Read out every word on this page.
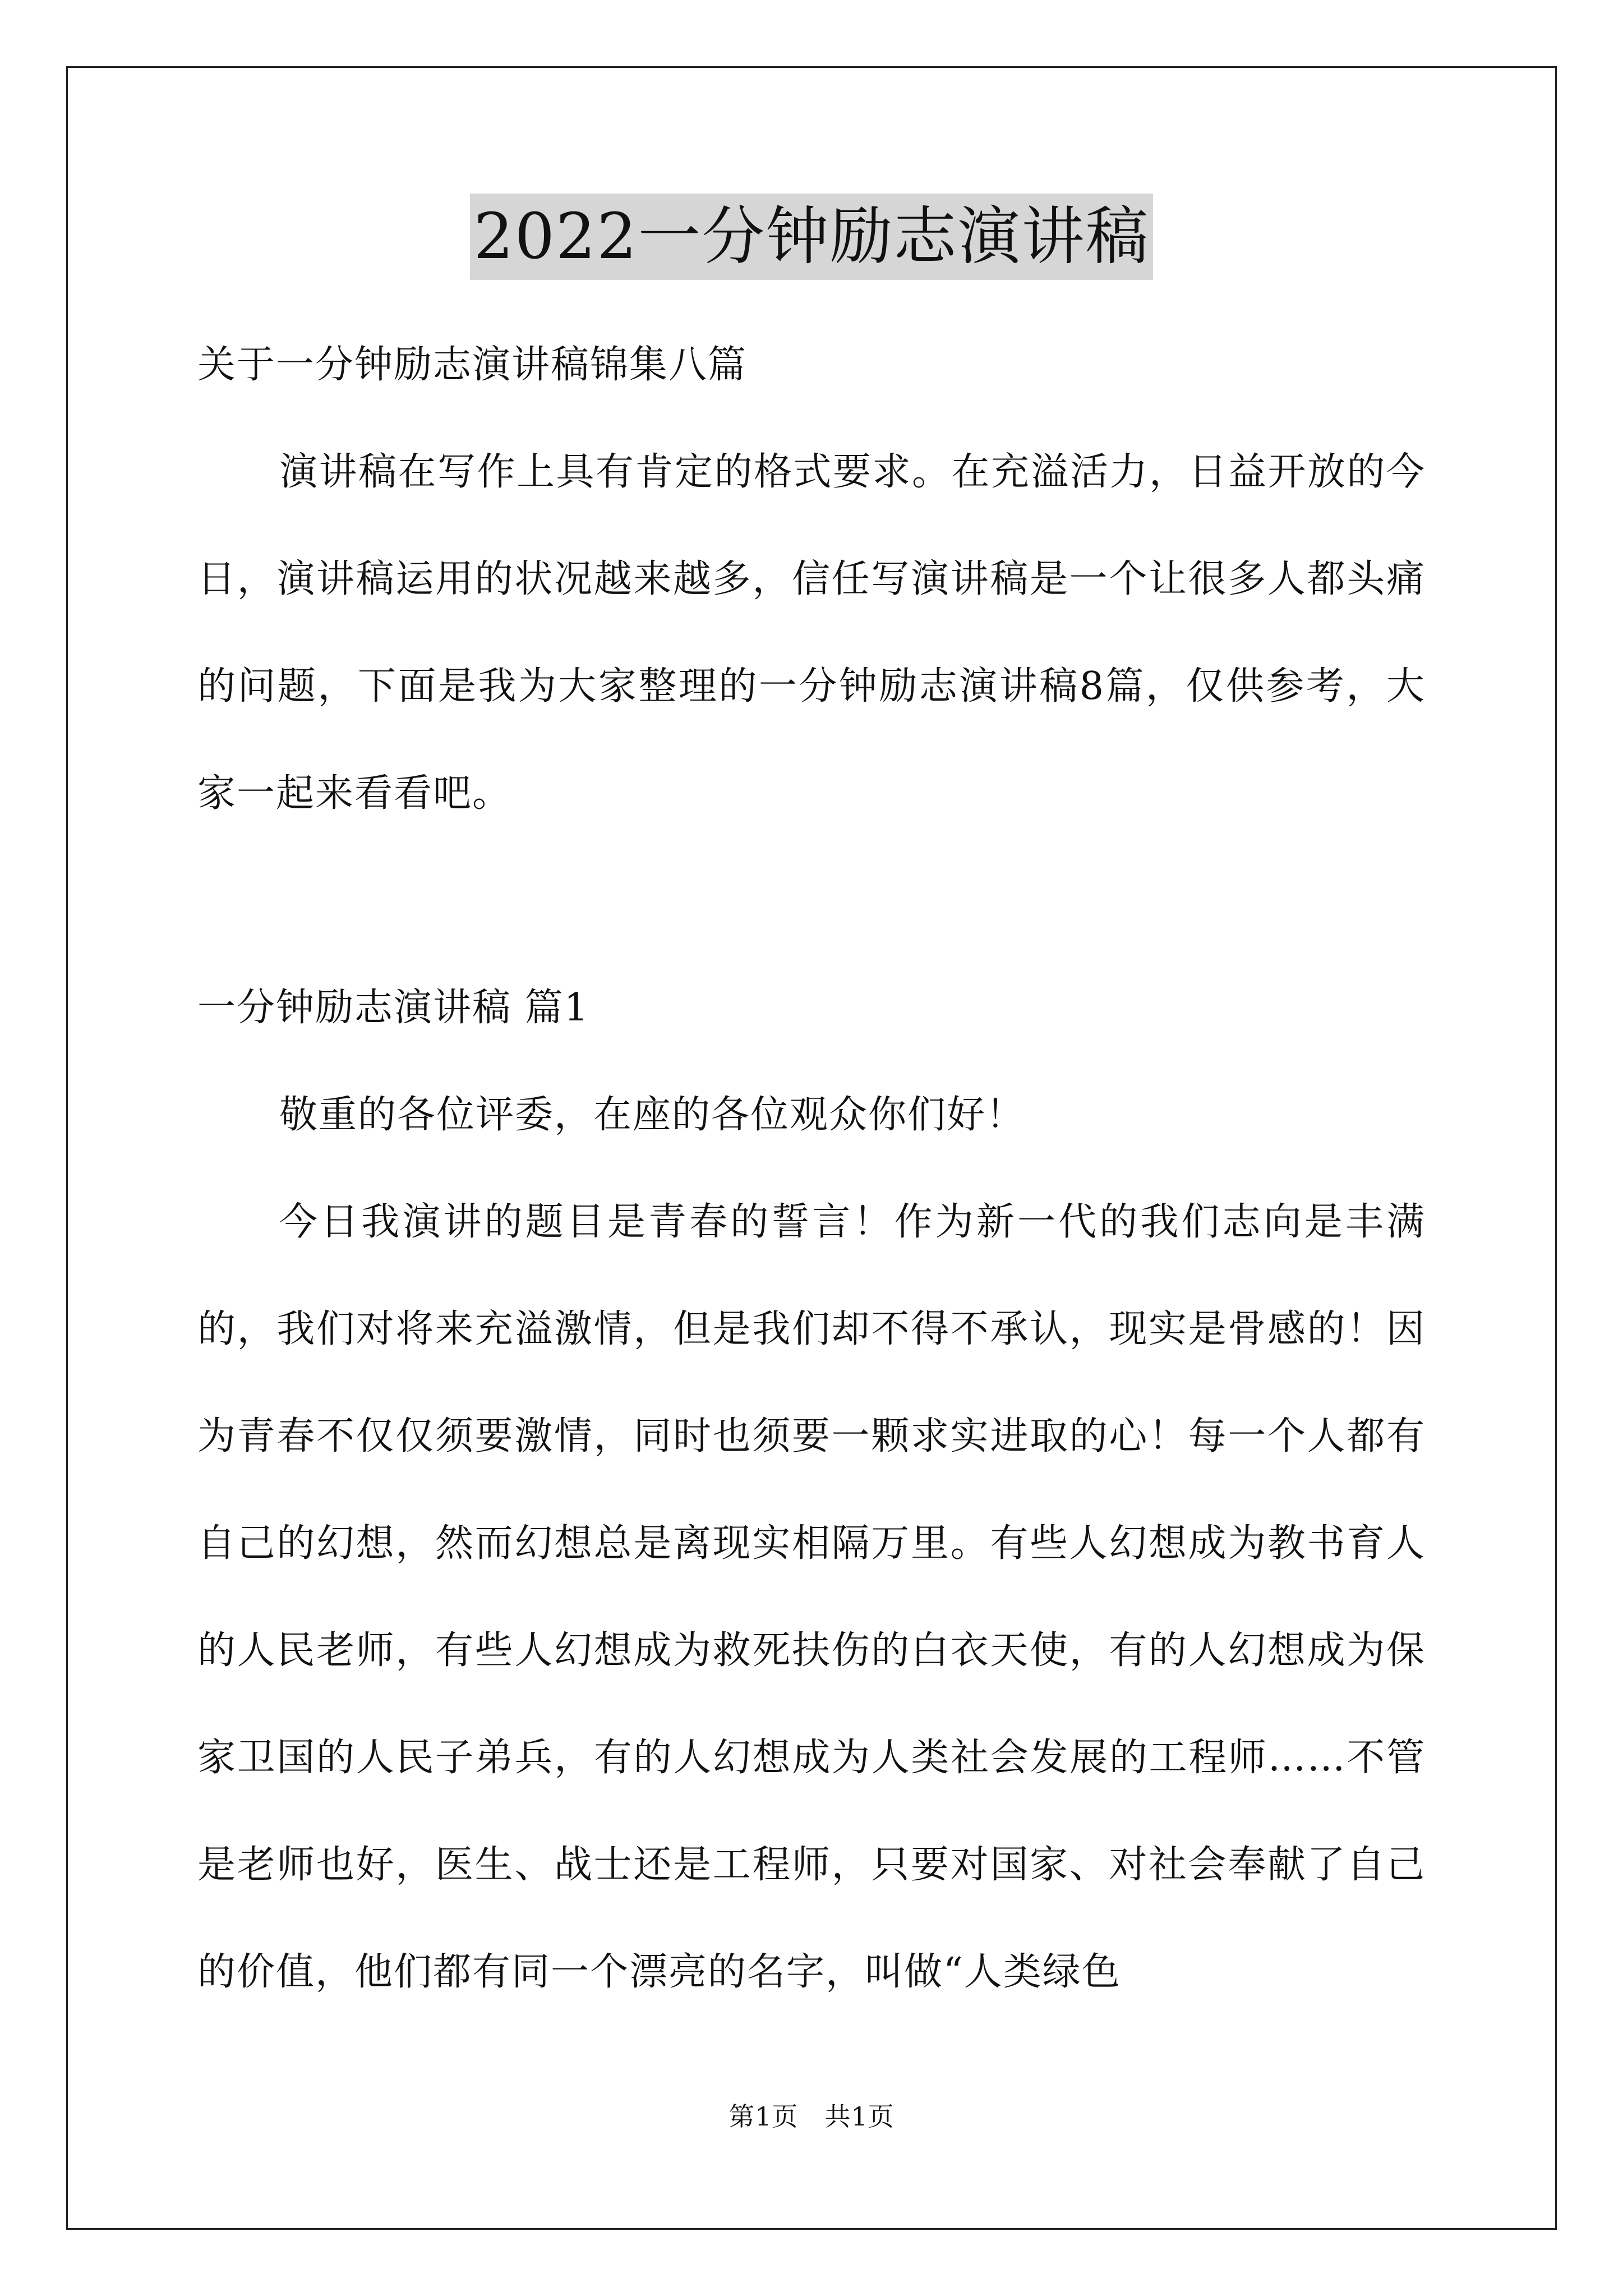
2022一分钟励志演讲稿
关于一分钟励志演讲稿锦集八篇

演讲稿在写作上具有肯定的格式要求。在充溢活力，日益开放的今日，演讲稿运用的状况越来越多，信任写演讲稿是一个让很多人都头痛的问题，下面是我为大家整理的一分钟励志演讲稿8篇，仅供参考，大家一起来看看吧。

一分钟励志演讲稿 篇1

敬重的各位评委，在座的各位观众你们好！

今日我演讲的题目是青春的誓言！作为新一代的我们志向是丰满的，我们对将来充溢激情，但是我们却不得不承认，现实是骨感的！因为青春不仅仅须要激情，同时也须要一颗求实进取的心！每一个人都有自己的幻想，然而幻想总是离现实相隔万里。有些人幻想成为教书育人的人民老师，有些人幻想成为救死扶伤的白衣天使，有的人幻想成为保家卫国的人民子弟兵，有的人幻想成为人类社会发展的工程师……不管是老师也好，医生、战士还是工程师，只要对国家、对社会奉献了自己的价值，他们都有同一个漂亮的名字，叫做“人类绿色

第1页　共1页
